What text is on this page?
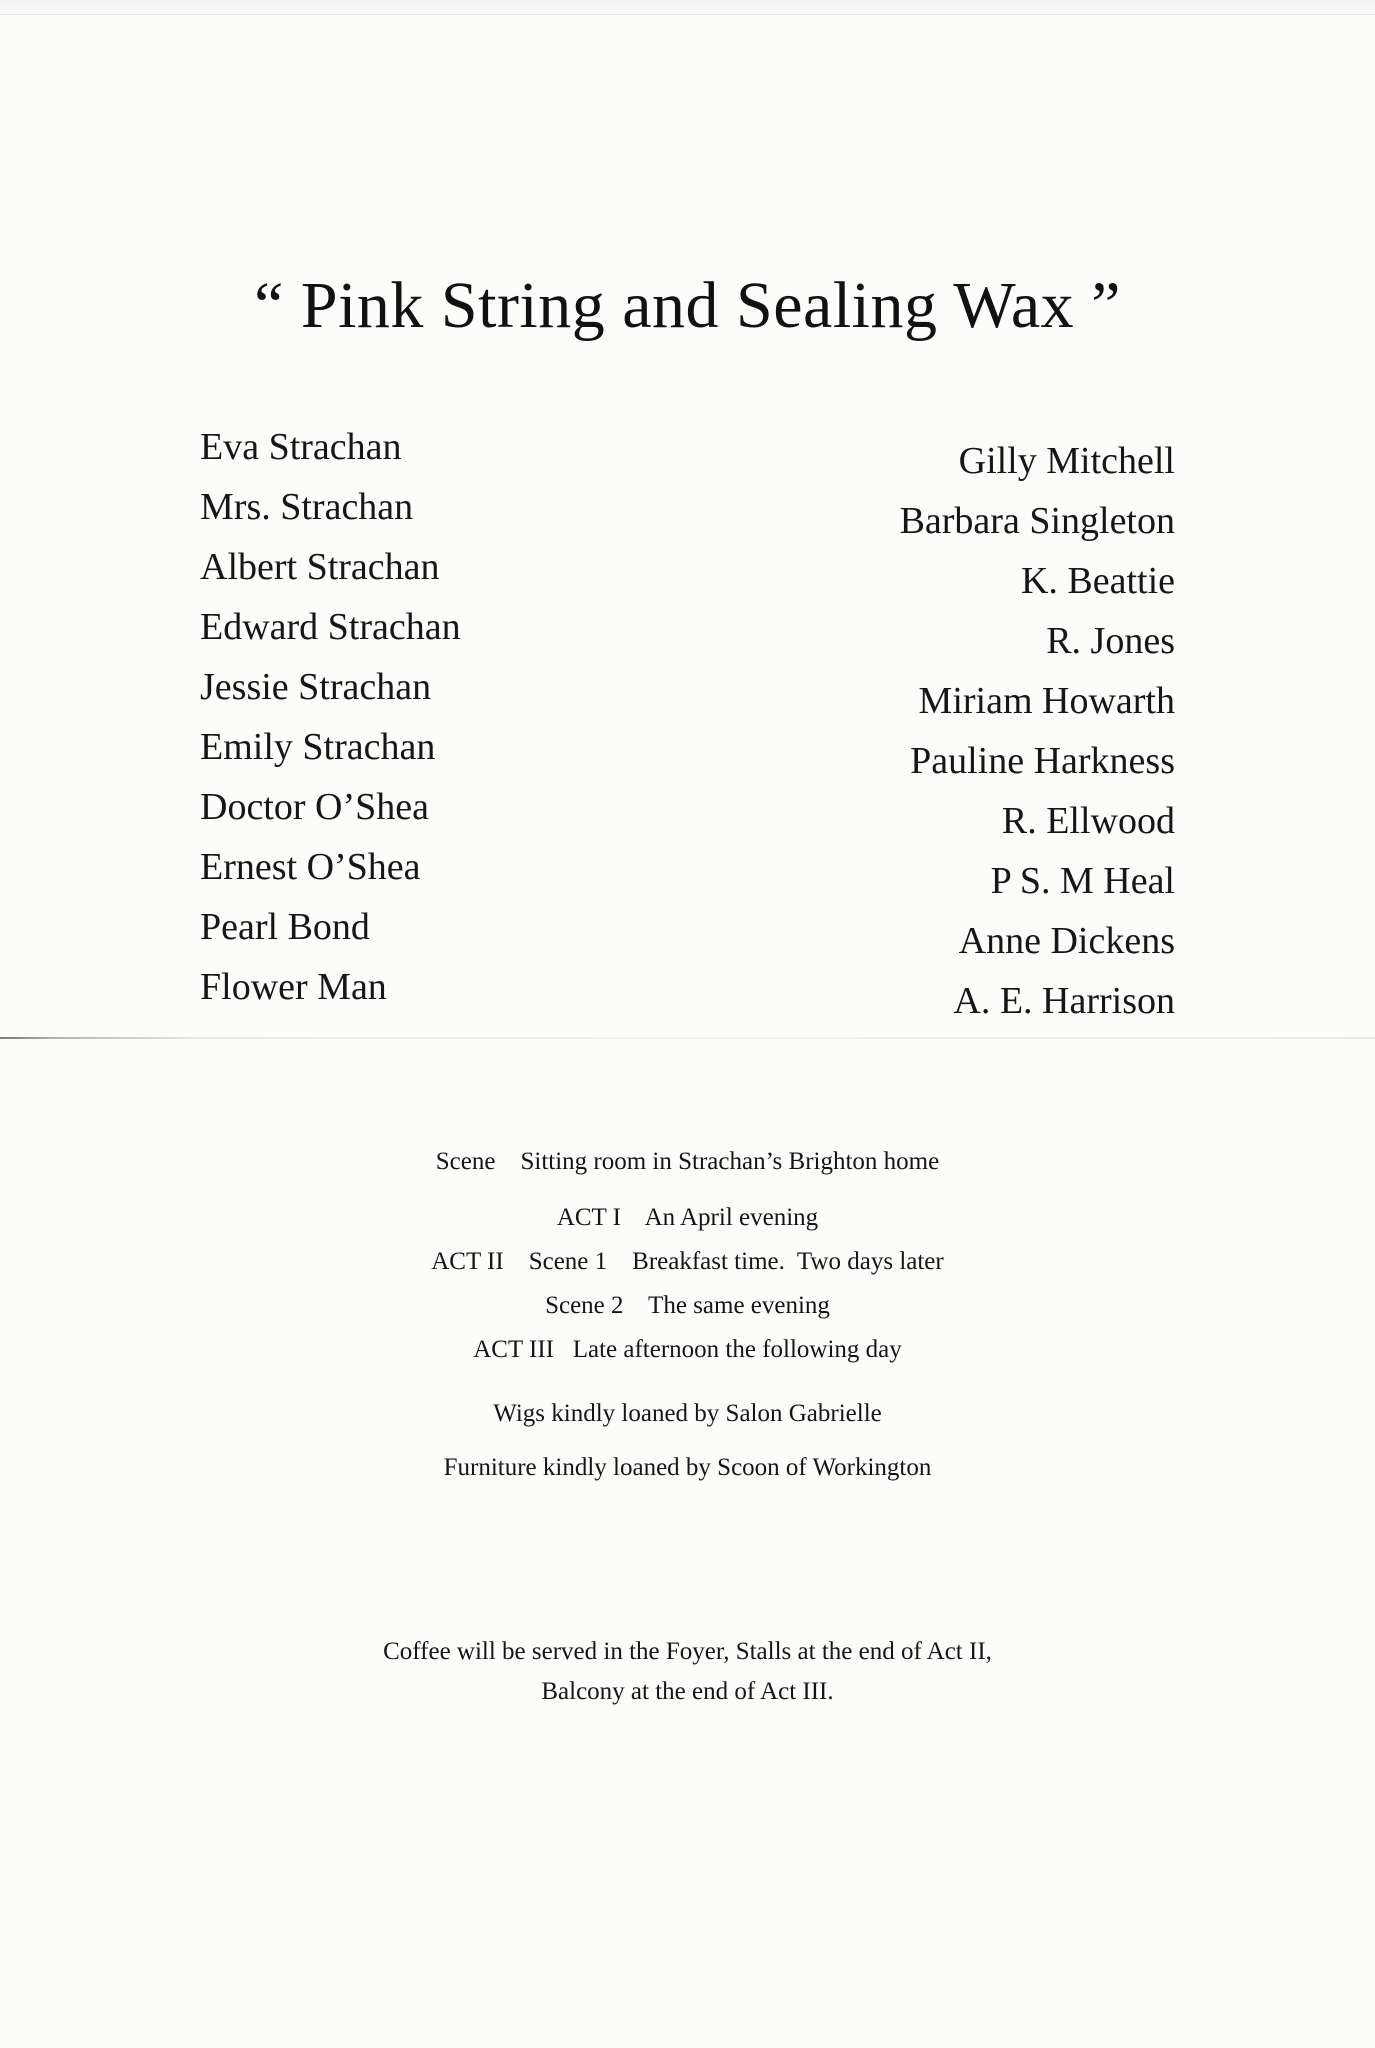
“ Pink String and Sealing Wax ”
Eva Strachan	Gilly Mitchell
Mrs. Strachan	Barbara Singleton
Albert Strachan	K. Beattie
Edward Strachan	R. Jones
Jessie Strachan	Miriam Howarth
Emily Strachan	Pauline Harkness
Doctor O’Shea	R. Ellwood
Ernest O’Shea	P S. M Heal
Pearl Bond	Anne Dickens
Flower Man	A. E. Harrison
Scene    Sitting room in Strachan’s Brighton home
ACT I    An April evening
ACT II    Scene 1    Breakfast time.  Two days later
Scene 2    The same evening
ACT III   Late afternoon the following day
Wigs kindly loaned by Salon Gabrielle
Furniture kindly loaned by Scoon of Workington
Coffee will be served in the Foyer, Stalls at the end of Act II,
Balcony at the end of Act III.
